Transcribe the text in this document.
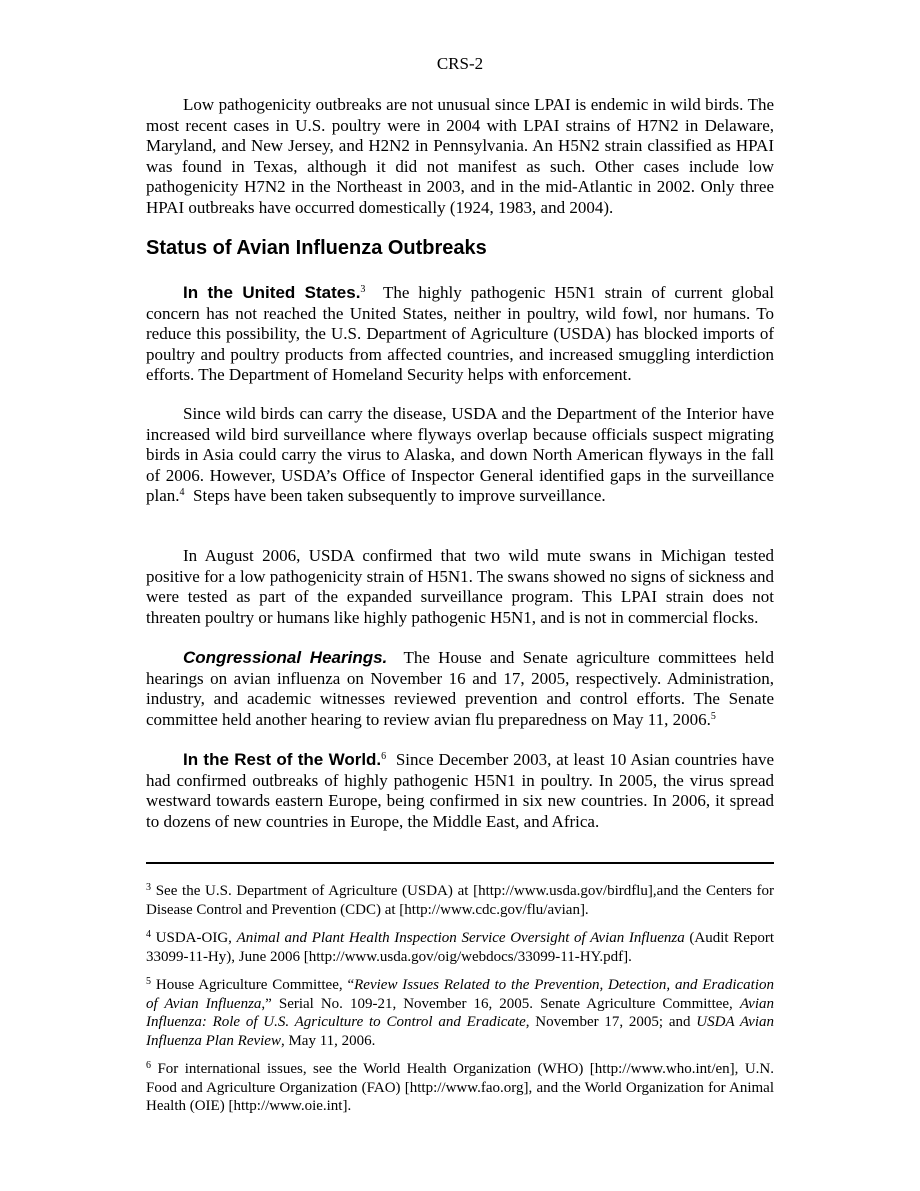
CRS-2

Low pathogenicity outbreaks are not unusual since LPAI is endemic in wild birds. The most recent cases in U.S. poultry were in 2004 with LPAI strains of H7N2 in Delaware, Maryland, and New Jersey, and H2N2 in Pennsylvania. An H5N2 strain classified as HPAI was found in Texas, although it did not manifest as such. Other cases include low pathogenicity H7N2 in the Northeast in 2003, and in the mid-Atlantic in 2002. Only three HPAI outbreaks have occurred domestically (1924, 1983, and 2004).

Status of Avian Influenza Outbreaks

In the United States.$^3$ The highly pathogenic H5N1 strain of current global concern has not reached the United States, neither in poultry, wild fowl, nor humans. To reduce this possibility, the U.S. Department of Agriculture (USDA) has blocked imports of poultry and poultry products from affected countries, and increased smuggling interdiction efforts. The Department of Homeland Security helps with enforcement.

Since wild birds can carry the disease, USDA and the Department of the Interior have increased wild bird surveillance where flyways overlap because officials suspect migrating birds in Asia could carry the virus to Alaska, and down North American flyways in the fall of 2006. However, USDA’s Office of Inspector General identified gaps in the surveillance plan.$^4$ Steps have been taken subsequently to improve surveillance.

In August 2006, USDA confirmed that two wild mute swans in Michigan tested positive for a low pathogenicity strain of H5N1. The swans showed no signs of sickness and were tested as part of the expanded surveillance program. This LPAI strain does not threaten poultry or humans like highly pathogenic H5N1, and is not in commercial flocks.

Congressional Hearings. The House and Senate agriculture committees held hearings on avian influenza on November 16 and 17, 2005, respectively. Administration, industry, and academic witnesses reviewed prevention and control efforts. The Senate committee held another hearing to review avian flu preparedness on May 11, 2006.$^5$

In the Rest of the World.$^6$ Since December 2003, at least 10 Asian countries have had confirmed outbreaks of highly pathogenic H5N1 in poultry. In 2005, the virus spread westward towards eastern Europe, being confirmed in six new countries. In 2006, it spread to dozens of new countries in Europe, the Middle East, and Africa.

$^3$ See the U.S. Department of Agriculture (USDA) at [http://www.usda.gov/birdflu],and the Centers for Disease Control and Prevention (CDC) at [http://www.cdc.gov/flu/avian].

$^4$ USDA-OIG, Animal and Plant Health Inspection Service Oversight of Avian Influenza (Audit Report 33099-11-Hy), June 2006 [http://www.usda.gov/oig/webdocs/33099-11-HY.pdf].

$^5$ House Agriculture Committee, “Review Issues Related to the Prevention, Detection, and Eradication of Avian Influenza,” Serial No. 109-21, November 16, 2005. Senate Agriculture Committee, Avian Influenza: Role of U.S. Agriculture to Control and Eradicate, November 17, 2005; and USDA Avian Influenza Plan Review, May 11, 2006.

$^6$ For international issues, see the World Health Organization (WHO) [http://www.who.int/en], U.N. Food and Agriculture Organization (FAO) [http://www.fao.org], and the World Organization for Animal Health (OIE) [http://www.oie.int].
